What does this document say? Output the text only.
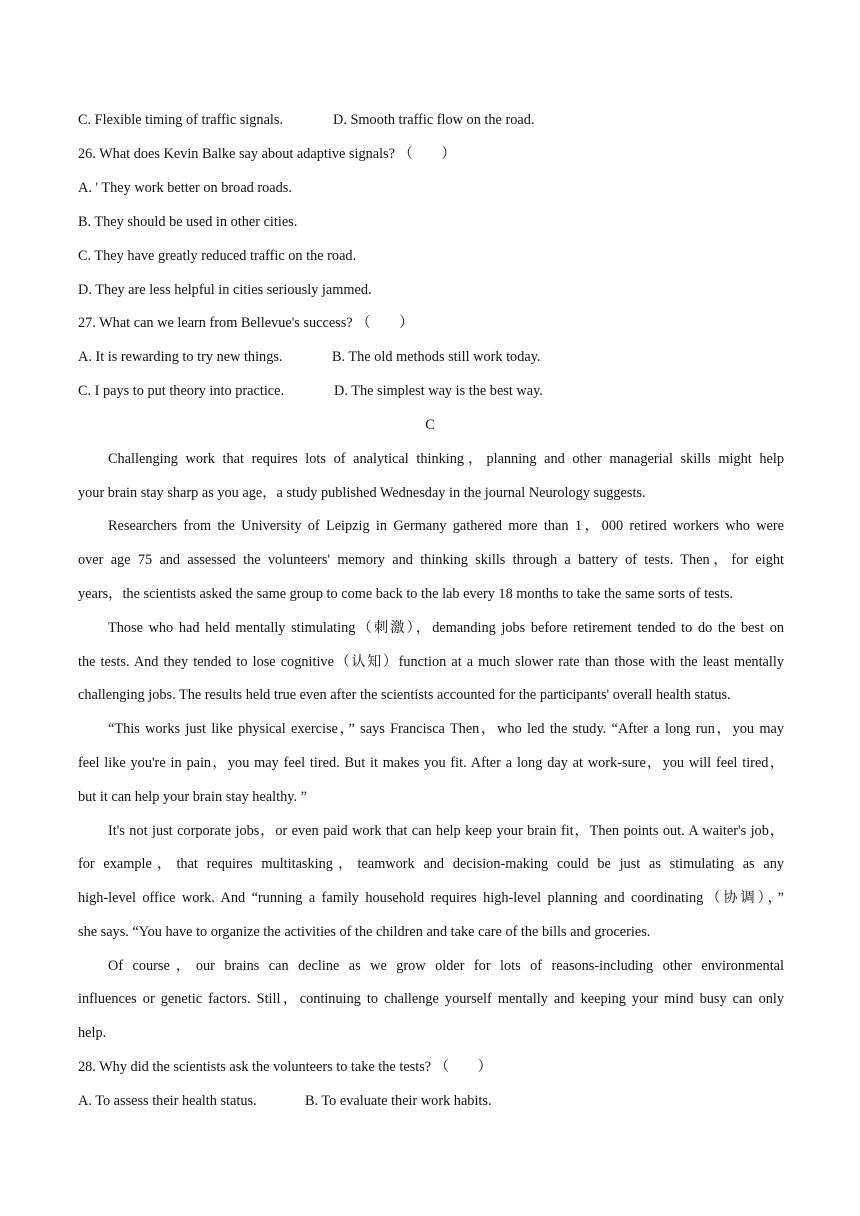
C. Flexible timing of traffic signals.	D. Smooth traffic flow on the road.
26. What does Kevin Balke say about adaptive signals? （　　）
A. ' They work better on broad roads.
B. They should be used in other cities.
C. They have greatly reduced traffic on the road.
D. They are less helpful in cities seriously jammed.
27. What can we learn from Bellevue's success? （　　）
A. It is rewarding to try new things.	B. The old methods still work today.
C. I pays to put theory into practice.	D. The simplest way is the best way.
C
Challenging work that requires lots of analytical thinking，planning and other managerial skills might help
your brain stay sharp as you age，a study published Wednesday in the journal Neurology suggests.
Researchers from the University of Leipzig in Germany gathered more than 1，000 retired workers who were
over age 75 and assessed the volunteers' memory and thinking skills through a battery of tests. Then，for eight
years，the scientists asked the same group to come back to the lab every 18 months to take the same sorts of tests.
Those who had held mentally stimulating（刺激），demanding jobs before retirement tended to do the best on
the tests. And they tended to lose cognitive（认知）function at a much slower rate than those with the least mentally
challenging jobs. The results held true even after the scientists accounted for the participants' overall health status.
“This works just like physical exercise，” says Francisca Then，who led the study. “After a long run，you may
feel like you're in pain，you may feel tired. But it makes you fit. After a long day at work-sure，you will feel tired，
but it can help your brain stay healthy. ”
It's not just corporate jobs，or even paid work that can help keep your brain fit，Then points out. A waiter's job，
for example，that requires multitasking，teamwork and decision-making could be just as stimulating as any
high-level office work. And “running a family household requires high-level planning and coordinating（协调），”
she says. “You have to organize the activities of the children and take care of the bills and groceries.
Of course，our brains can decline as we grow older for lots of reasons-including other environmental
influences or genetic factors. Still，continuing to challenge yourself mentally and keeping your mind busy can only
help.
28. Why did the scientists ask the volunteers to take the tests? （　　）
A. To assess their health status.	B. To evaluate their work habits.
